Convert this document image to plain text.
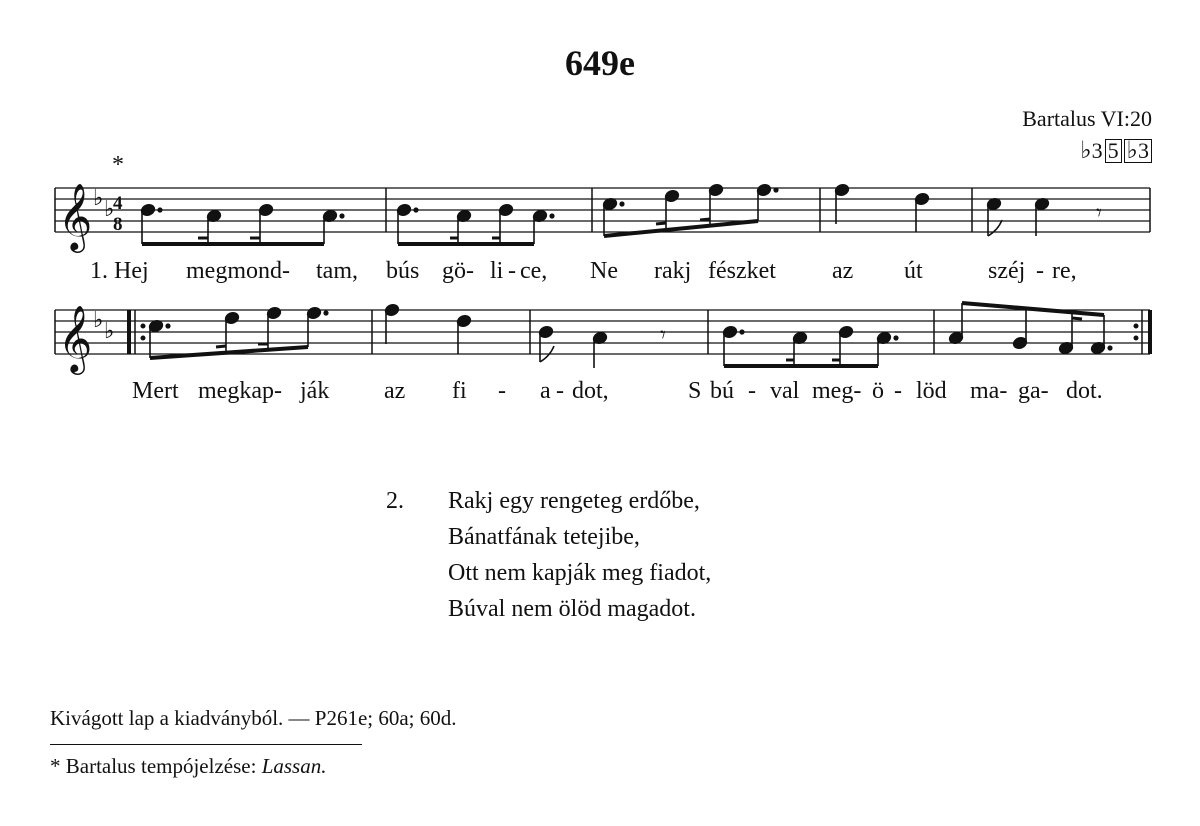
649e
Bartalus VI:20
♭3 5 ♭3
*
𝄞 ♭ ♭
4
8	𝄾
𝄞 ♭ ♭	𝄾
1. Hej megmond- tam, bús gö- li - ce, Ne rakj fészket az út	széj - re,
Mert megkap- ják az fi - a - dot,	S bú - val meg- ö - löd ma- ga- dot.
2. Rakj egy rengeteg erdőbe,
Bánatfának tetejibe,
Ott nem kapják meg fiadot,
Búval nem ölöd magadot.
Kivágott lap a kiadványból. — P261e; 60a; 60d.
* Bartalus tempójelzése: Lassan.
